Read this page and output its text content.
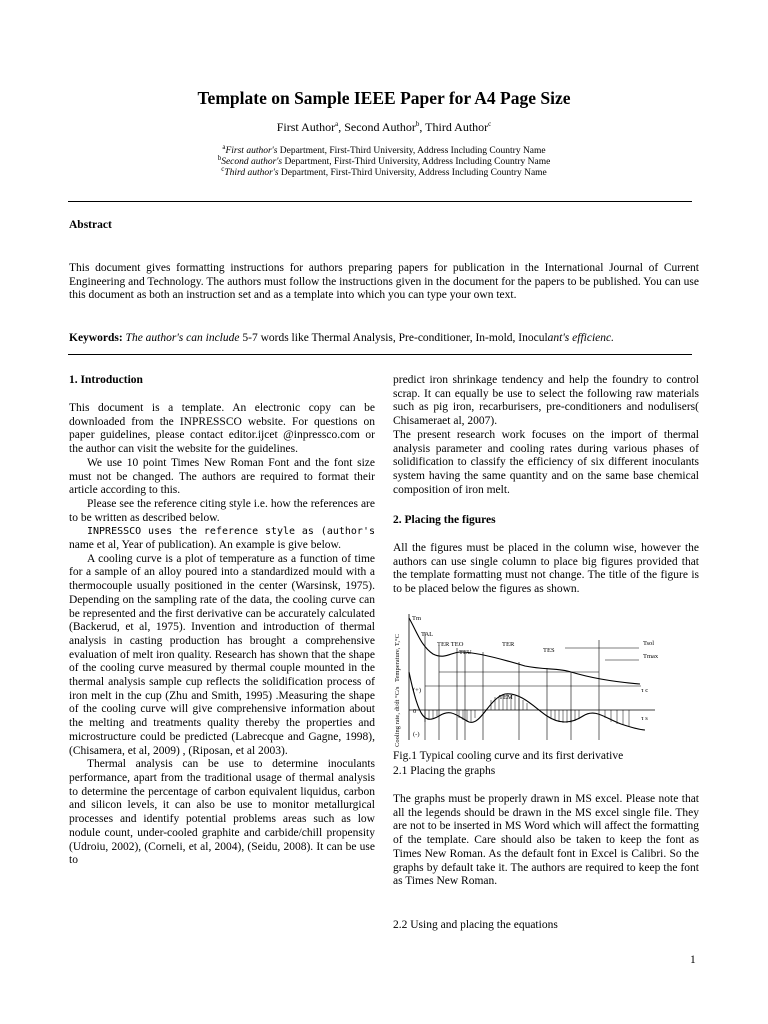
Template on Sample IEEE Paper for A4 Page Size
First Author$^a$, Second Author$^b$, Third Author$^c$
$^a$First author's Department, First-Third University, Address Including Country Name
$^b$Second author's Department, First-Third University, Address Including Country Name
$^c$Third author's Department, First-Third University, Address Including Country Name
Abstract
This document gives formatting instructions for authors preparing papers for publication in the International Journal of Current Engineering and Technology. The authors must follow the instructions given in the document for the papers to be published. You can use this document as both an instruction set and as a template into which you can type your own text.
Keywords: The author's can include 5-7 words like Thermal Analysis, Pre-conditioner, In-mold, Inoculant's efficienc.
1. Introduction
This document is a template. An electronic copy can be downloaded from the INPRESSCO website. For questions on paper guidelines, please contact editor.ijcet @inpressco.com or the author can visit the website for the guidelines.
We use 10 point Times New Roman Font and the font size must not be changed. The authors are required to format their article according to this.
Please see the reference citing style i.e. how the references are to be written as described below.
INPRESSCO uses the reference style as (author's name et al, Year of publication). An example is give below.
A cooling curve is a plot of temperature as a function of time for a sample of an alloy poured into a standardized mould with a thermocouple usually positioned in the center (Warsinsk, 1975). Depending on the sampling rate of the data, the cooling curve can be represented and the first derivative can be accurately calculated (Backerud, et al, 1975). Invention and introduction of thermal analysis in casting production has brought a comprehensive evaluation of melt iron quality. Research has shown that the shape of the cooling curve measured by thermal couple mounted in the thermal analysis sample cup reflects the solidification process of iron melt in the cup (Zhu and Smith, 1995) .Measuring the shape of the cooling curve will give comprehensive information about the melting and treatments quality thereby the properties and microstructure could be predicted (Labrecque and Gagne, 1998), (Chisamera, et al, 2009) , (Riposan, et al 2003).
Thermal analysis can be use to determine inoculants performance, apart from the traditional usage of thermal analysis to determine the percentage of carbon equivalent liquidus, carbon and silicon levels, it can also be use to monitor metallurgical processes and identify potential problems areas such as low nodule count, under-cooled graphite and carbide/chill propensity (Udroiu, 2002), (Corneli, et al, 2004), (Seidu, 2008). It can be use to
predict iron shrinkage tendency and help the foundry to control scrap. It can equally be use to select the following raw materials such as pig iron, recarburisers, pre-conditioners and nodulisers( Chisameraet al, 2007).
The present research work focuses on the import of thermal analysis parameter and cooling rates during various phases of solidification to classify the efficiency of six different inoculants system having the same quantity and on the same base chemical composition of iron melt.
2. Placing the figures
All the figures must be placed in the column wise, however the authors can use single column to place big figures provided that the template formatting must not change. The title of the figure is to be placed below the figures as shown.
Temperature, T,°C
Cooling rate, dt/dt °C/s
Tm
TAL
TER TEO
TEU
TER
TES
Tsol
Tmax
TEM
(+)
0
(-)
τ c
τ s
Fig.1 Typical cooling curve and its first derivative
2.1 Placing the graphs
The graphs must be properly drawn in MS excel. Please note that all the legends should be drawn in the MS excel single file. They are not to be inserted in MS Word which will affect the formatting of the template. Care should also be taken to keep the font as Times New Roman. As the default font in Excel is Calibri. So the graphs by default take it. The authors are required to keep the font as Times New Roman.
2.2 Using and placing the equations
1
